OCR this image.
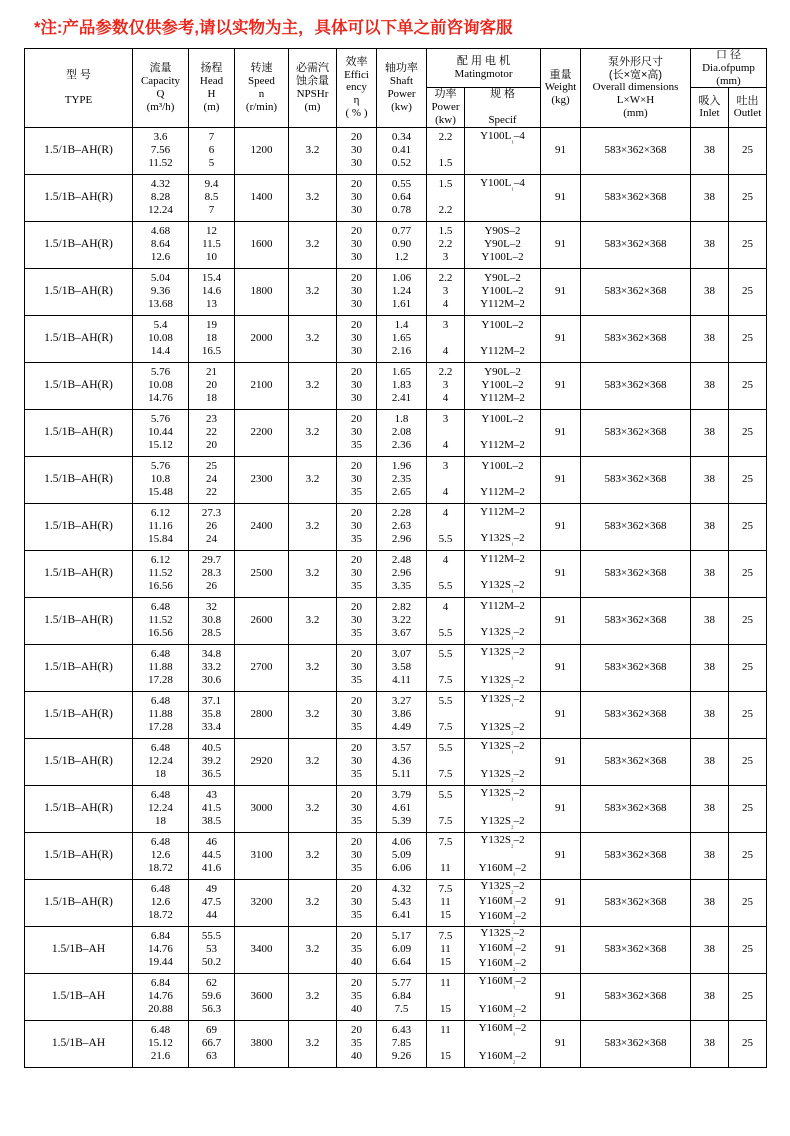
*注:产品参数仅供参考,请以实物为主，具体可以下单之前咨询客服
型 号

TYPE	流量
Capacity
Q
(m³/h)	扬程
Head
H
(m)	转速
Speed
n
(r/min)	必需汽
蚀余量
NPSHr
(m)	效率
Effici
ency
η
( % )	轴功率
Shaft
Power
(kw)	配 用 电 机
Matingmotor		重量
Weight
(kg)	泵外形尺寸
(长×宽×高)
Overall dimensions
L×W×H
(mm)	口 径
Dia.ofpump
(mm)	

							功率
Power
(kw)	规 格

Specif			吸入
Inlet	吐出
Outlet

1.5/1B–AH(R)	3.6
7.56
11.52	7
6
5	1200	3.2	20
30
30	0.34
0.41
0.52	2.2

1.5	$Y100L_{_1}-4$	91	583×362×368	38	25
1.5/1B–AH(R)	4.32
8.28
12.24	9.4
8.5
7	1400	3.2	20
30
30	0.55
0.64
0.78	1.5

2.2	$Y100L_{_1}-4$	91	583×362×368	38	25
1.5/1B–AH(R)	4.68
8.64
12.6	12
11.5
10	1600	3.2	20
30
30	0.77
0.90
1.2	1.5
2.2
3	Y90S–2
Y90L–2
Y100L–2	91	583×362×368	38	25
1.5/1B–AH(R)	5.04
9.36
13.68	15.4
14.6
13	1800	3.2	20
30
30	1.06
1.24
1.61	2.2
3
4	Y90L–2
Y100L–2
Y112M–2	91	583×362×368	38	25
1.5/1B–AH(R)	5.4
10.08
14.4	19
18
16.5	2000	3.2	20
30
30	1.4
1.65
2.16	3

4	Y100L–2

Y112M–2	91	583×362×368	38	25
1.5/1B–AH(R)	5.76
10.08
14.76	21
20
18	2100	3.2	20
30
30	1.65
1.83
2.41	2.2
3
4	Y90L–2
Y100L–2
Y112M–2	91	583×362×368	38	25
1.5/1B–AH(R)	5.76
10.44
15.12	23
22
20	2200	3.2	20
30
35	1.8
2.08
2.36	3

4	Y100L–2

Y112M–2	91	583×362×368	38	25
1.5/1B–AH(R)	5.76
10.8
15.48	25
24
22	2300	3.2	20
30
35	1.96
2.35
2.65	3

4	Y100L–2

Y112M–2	91	583×362×368	38	25
1.5/1B–AH(R)	6.12
11.16
15.84	27.3
26
24	2400	3.2	20
30
35	2.28
2.63
2.96	4

5.5	Y112M–2

$Y132S_{_1}-2$	91	583×362×368	38	25
1.5/1B–AH(R)	6.12
11.52
16.56	29.7
28.3
26	2500	3.2	20
30
35	2.48
2.96
3.35	4

5.5	Y112M–2

$Y132S_{_1}-2$	91	583×362×368	38	25
1.5/1B–AH(R)	6.48
11.52
16.56	32
30.8
28.5	2600	3.2	20
30
35	2.82
3.22
3.67	4

5.5	Y112M–2

$Y132S_{_1}-2$	91	583×362×368	38	25
1.5/1B–AH(R)	6.48
11.88
17.28	34.8
33.2
30.6	2700	3.2	20
30
35	3.07
3.58
4.11	5.5

7.5	$Y132S_{_1}-2$

$Y132S_{_2}-2$	91	583×362×368	38	25
1.5/1B–AH(R)	6.48
11.88
17.28	37.1
35.8
33.4	2800	3.2	20
30
35	3.27
3.86
4.49	5.5

7.5	$Y132S_{_1}-2$

$Y132S_{_2}-2$	91	583×362×368	38	25
1.5/1B–AH(R)	6.48
12.24
18	40.5
39.2
36.5	2920	3.2	20
30
35	3.57
4.36
5.11	5.5

7.5	$Y132S_{_1}-2$

$Y132S_{_2}-2$	91	583×362×368	38	25
1.5/1B–AH(R)	6.48
12.24
18	43
41.5
38.5	3000	3.2	20
30
35	3.79
4.61
5.39	5.5

7.5	$Y132S_{_1}-2$

$Y132S_{_2}-2$	91	583×362×368	38	25
1.5/1B–AH(R)	6.48
12.6
18.72	46
44.5
41.6	3100	3.2	20
30
35	4.06
5.09
6.06	7.5

11	$Y132S_{_2}-2$

$Y160M_{_1}-2$	91	583×362×368	38	25
1.5/1B–AH(R)	6.48
12.6
18.72	49
47.5
44	3200	3.2	20
30
35	4.32
5.43
6.41	7.5
11
15	$Y132S_{_2}-2$
$Y160M_{_1}-2$
$Y160M_{_2}-2$	91	583×362×368	38	25
1.5/1B–AH	6.84
14.76
19.44	55.5
53
50.2	3400	3.2	20
35
40	5.17
6.09
6.64	7.5
11
15	$Y132S_{_2}-2$
$Y160M_{_1}-2$
$Y160M_{_2}-2$	91	583×362×368	38	25
1.5/1B–AH	6.84
14.76
20.88	62
59.6
56.3	3600	3.2	20
35
40	5.77
6.84
7.5	11

15	$Y160M_{_1}-2$

$Y160M_{_2}-2$	91	583×362×368	38	25
1.5/1B–AH	6.48
15.12
21.6	69
66.7
63	3800	3.2	20
35
40	6.43
7.85
9.26	11

15	$Y160M_{_1}-2$

$Y160M_{_2}-2$	91	583×362×368	38	25
